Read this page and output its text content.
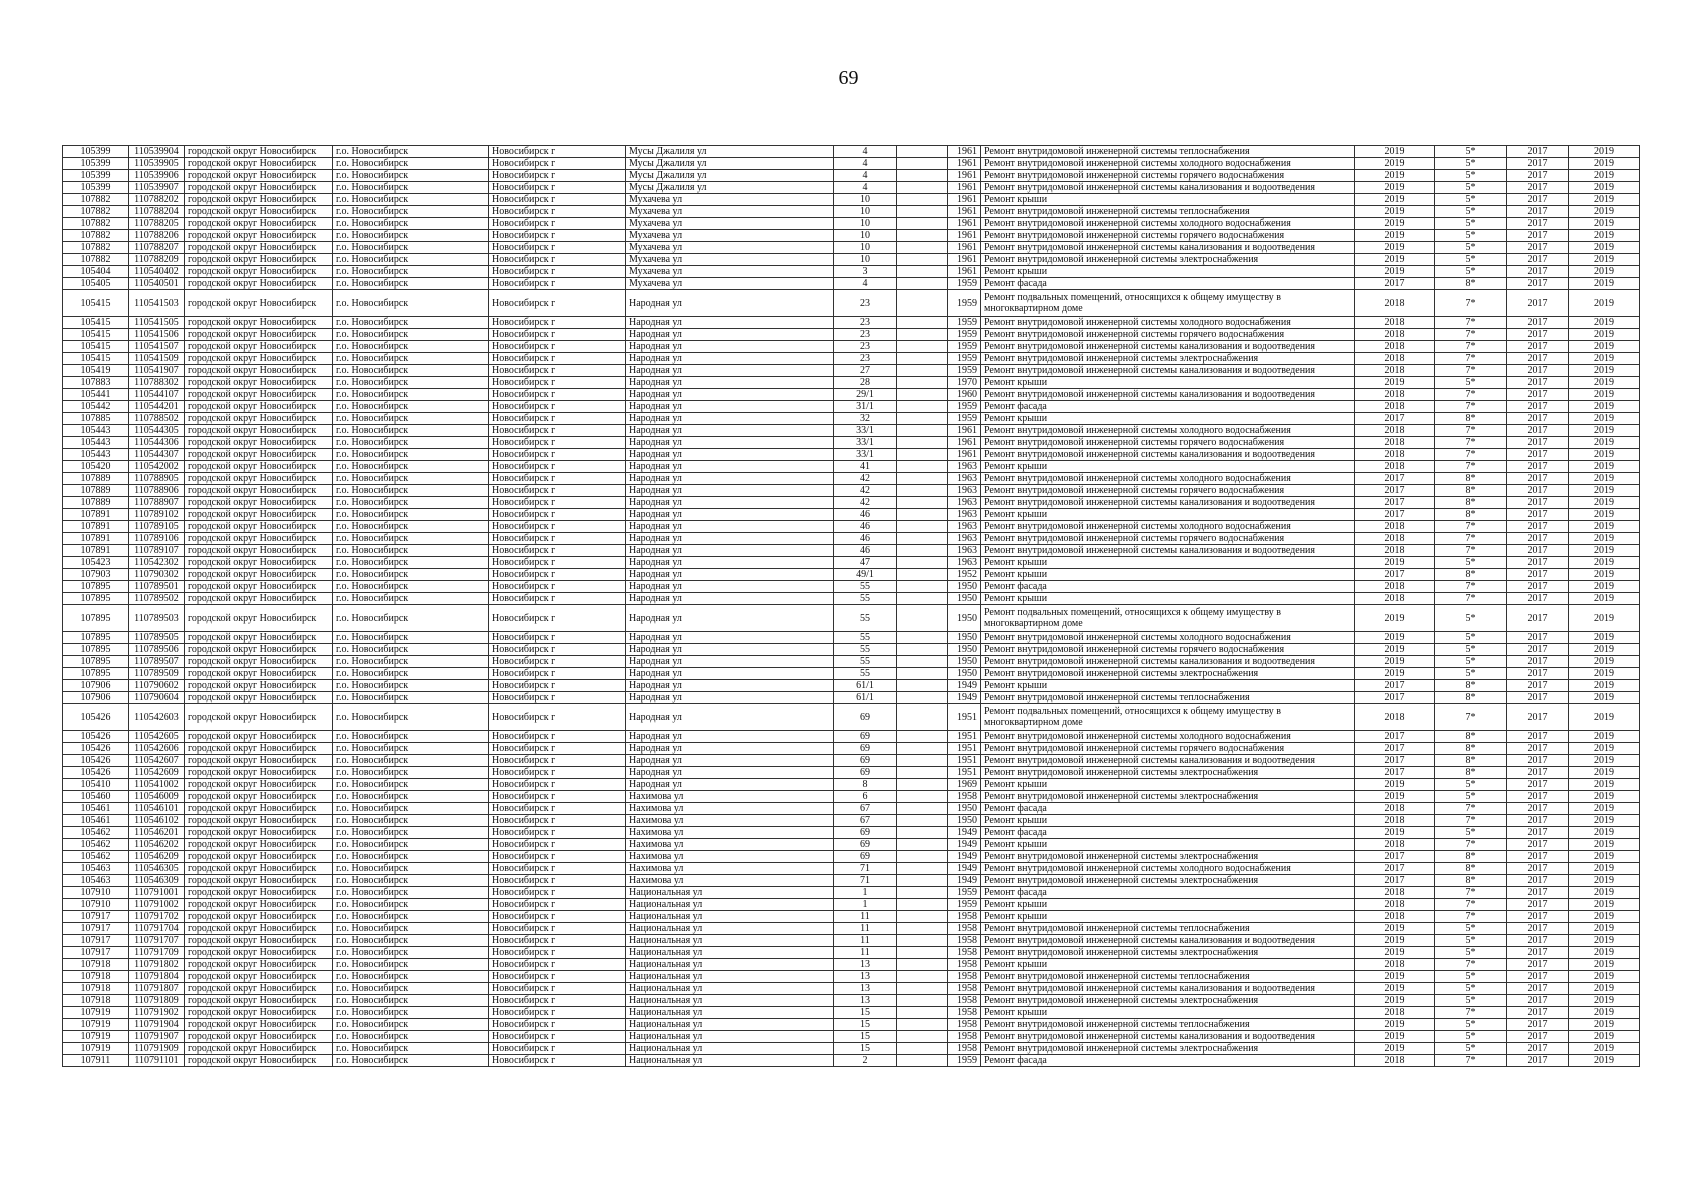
69
105399	110539904	городской округ Новосибирск	г.о. Новосибирск	Новосибирск г	Мусы Джалиля ул	4		1961	Ремонт внутридомовой инженерной системы теплоснабжения	2019	5*	2017	2019
105399	110539905	городской округ Новосибирск	г.о. Новосибирск	Новосибирск г	Мусы Джалиля ул	4		1961	Ремонт внутридомовой инженерной системы холодного водоснабжения	2019	5*	2017	2019
105399	110539906	городской округ Новосибирск	г.о. Новосибирск	Новосибирск г	Мусы Джалиля ул	4		1961	Ремонт внутридомовой инженерной системы горячего водоснабжения	2019	5*	2017	2019
105399	110539907	городской округ Новосибирск	г.о. Новосибирск	Новосибирск г	Мусы Джалиля ул	4		1961	Ремонт внутридомовой инженерной системы канализования и водоотведения	2019	5*	2017	2019
107882	110788202	городской округ Новосибирск	г.о. Новосибирск	Новосибирск г	Мухачева ул	10		1961	Ремонт крыши	2019	5*	2017	2019
107882	110788204	городской округ Новосибирск	г.о. Новосибирск	Новосибирск г	Мухачева ул	10		1961	Ремонт внутридомовой инженерной системы теплоснабжения	2019	5*	2017	2019
107882	110788205	городской округ Новосибирск	г.о. Новосибирск	Новосибирск г	Мухачева ул	10		1961	Ремонт внутридомовой инженерной системы холодного водоснабжения	2019	5*	2017	2019
107882	110788206	городской округ Новосибирск	г.о. Новосибирск	Новосибирск г	Мухачева ул	10		1961	Ремонт внутридомовой инженерной системы горячего водоснабжения	2019	5*	2017	2019
107882	110788207	городской округ Новосибирск	г.о. Новосибирск	Новосибирск г	Мухачева ул	10		1961	Ремонт внутридомовой инженерной системы канализования и водоотведения	2019	5*	2017	2019
107882	110788209	городской округ Новосибирск	г.о. Новосибирск	Новосибирск г	Мухачева ул	10		1961	Ремонт внутридомовой инженерной системы электроснабжения	2019	5*	2017	2019
105404	110540402	городской округ Новосибирск	г.о. Новосибирск	Новосибирск г	Мухачева ул	3		1961	Ремонт крыши	2019	5*	2017	2019
105405	110540501	городской округ Новосибирск	г.о. Новосибирск	Новосибирск г	Мухачева ул	4		1959	Ремонт фасада	2017	8*	2017	2019
105415	110541503	городской округ Новосибирск	г.о. Новосибирск	Новосибирск г	Народная ул	23		1959	Ремонт подвальных помещений, относящихся к общему имуществу в многоквартирном доме	2018	7*	2017	2019
105415	110541505	городской округ Новосибирск	г.о. Новосибирск	Новосибирск г	Народная ул	23		1959	Ремонт внутридомовой инженерной системы холодного водоснабжения	2018	7*	2017	2019
105415	110541506	городской округ Новосибирск	г.о. Новосибирск	Новосибирск г	Народная ул	23		1959	Ремонт внутридомовой инженерной системы горячего водоснабжения	2018	7*	2017	2019
105415	110541507	городской округ Новосибирск	г.о. Новосибирск	Новосибирск г	Народная ул	23		1959	Ремонт внутридомовой инженерной системы канализования и водоотведения	2018	7*	2017	2019
105415	110541509	городской округ Новосибирск	г.о. Новосибирск	Новосибирск г	Народная ул	23		1959	Ремонт внутридомовой инженерной системы электроснабжения	2018	7*	2017	2019
105419	110541907	городской округ Новосибирск	г.о. Новосибирск	Новосибирск г	Народная ул	27		1959	Ремонт внутридомовой инженерной системы канализования и водоотведения	2018	7*	2017	2019
107883	110788302	городской округ Новосибирск	г.о. Новосибирск	Новосибирск г	Народная ул	28		1970	Ремонт крыши	2019	5*	2017	2019
105441	110544107	городской округ Новосибирск	г.о. Новосибирск	Новосибирск г	Народная ул	29/1		1960	Ремонт внутридомовой инженерной системы канализования и водоотведения	2018	7*	2017	2019
105442	110544201	городской округ Новосибирск	г.о. Новосибирск	Новосибирск г	Народная ул	31/1		1959	Ремонт фасада	2018	7*	2017	2019
107885	110788502	городской округ Новосибирск	г.о. Новосибирск	Новосибирск г	Народная ул	32		1959	Ремонт крыши	2017	8*	2017	2019
105443	110544305	городской округ Новосибирск	г.о. Новосибирск	Новосибирск г	Народная ул	33/1		1961	Ремонт внутридомовой инженерной системы холодного водоснабжения	2018	7*	2017	2019
105443	110544306	городской округ Новосибирск	г.о. Новосибирск	Новосибирск г	Народная ул	33/1		1961	Ремонт внутридомовой инженерной системы горячего водоснабжения	2018	7*	2017	2019
105443	110544307	городской округ Новосибирск	г.о. Новосибирск	Новосибирск г	Народная ул	33/1		1961	Ремонт внутридомовой инженерной системы канализования и водоотведения	2018	7*	2017	2019
105420	110542002	городской округ Новосибирск	г.о. Новосибирск	Новосибирск г	Народная ул	41		1963	Ремонт крыши	2018	7*	2017	2019
107889	110788905	городской округ Новосибирск	г.о. Новосибирск	Новосибирск г	Народная ул	42		1963	Ремонт внутридомовой инженерной системы холодного водоснабжения	2017	8*	2017	2019
107889	110788906	городской округ Новосибирск	г.о. Новосибирск	Новосибирск г	Народная ул	42		1963	Ремонт внутридомовой инженерной системы горячего водоснабжения	2017	8*	2017	2019
107889	110788907	городской округ Новосибирск	г.о. Новосибирск	Новосибирск г	Народная ул	42		1963	Ремонт внутридомовой инженерной системы канализования и водоотведения	2017	8*	2017	2019
107891	110789102	городской округ Новосибирск	г.о. Новосибирск	Новосибирск г	Народная ул	46		1963	Ремонт крыши	2017	8*	2017	2019
107891	110789105	городской округ Новосибирск	г.о. Новосибирск	Новосибирск г	Народная ул	46		1963	Ремонт внутридомовой инженерной системы холодного водоснабжения	2018	7*	2017	2019
107891	110789106	городской округ Новосибирск	г.о. Новосибирск	Новосибирск г	Народная ул	46		1963	Ремонт внутридомовой инженерной системы горячего водоснабжения	2018	7*	2017	2019
107891	110789107	городской округ Новосибирск	г.о. Новосибирск	Новосибирск г	Народная ул	46		1963	Ремонт внутридомовой инженерной системы канализования и водоотведения	2018	7*	2017	2019
105423	110542302	городской округ Новосибирск	г.о. Новосибирск	Новосибирск г	Народная ул	47		1963	Ремонт крыши	2019	5*	2017	2019
107903	110790302	городской округ Новосибирск	г.о. Новосибирск	Новосибирск г	Народная ул	49/1		1952	Ремонт крыши	2017	8*	2017	2019
107895	110789501	городской округ Новосибирск	г.о. Новосибирск	Новосибирск г	Народная ул	55		1950	Ремонт фасада	2018	7*	2017	2019
107895	110789502	городской округ Новосибирск	г.о. Новосибирск	Новосибирск г	Народная ул	55		1950	Ремонт крыши	2018	7*	2017	2019
107895	110789503	городской округ Новосибирск	г.о. Новосибирск	Новосибирск г	Народная ул	55		1950	Ремонт подвальных помещений, относящихся к общему имуществу в многоквартирном доме	2019	5*	2017	2019
107895	110789505	городской округ Новосибирск	г.о. Новосибирск	Новосибирск г	Народная ул	55		1950	Ремонт внутридомовой инженерной системы холодного водоснабжения	2019	5*	2017	2019
107895	110789506	городской округ Новосибирск	г.о. Новосибирск	Новосибирск г	Народная ул	55		1950	Ремонт внутридомовой инженерной системы горячего водоснабжения	2019	5*	2017	2019
107895	110789507	городской округ Новосибирск	г.о. Новосибирск	Новосибирск г	Народная ул	55		1950	Ремонт внутридомовой инженерной системы канализования и водоотведения	2019	5*	2017	2019
107895	110789509	городской округ Новосибирск	г.о. Новосибирск	Новосибирск г	Народная ул	55		1950	Ремонт внутридомовой инженерной системы электроснабжения	2019	5*	2017	2019
107906	110790602	городской округ Новосибирск	г.о. Новосибирск	Новосибирск г	Народная ул	61/1		1949	Ремонт крыши	2017	8*	2017	2019
107906	110790604	городской округ Новосибирск	г.о. Новосибирск	Новосибирск г	Народная ул	61/1		1949	Ремонт внутридомовой инженерной системы теплоснабжения	2017	8*	2017	2019
105426	110542603	городской округ Новосибирск	г.о. Новосибирск	Новосибирск г	Народная ул	69		1951	Ремонт подвальных помещений, относящихся к общему имуществу в многоквартирном доме	2018	7*	2017	2019
105426	110542605	городской округ Новосибирск	г.о. Новосибирск	Новосибирск г	Народная ул	69		1951	Ремонт внутридомовой инженерной системы холодного водоснабжения	2017	8*	2017	2019
105426	110542606	городской округ Новосибирск	г.о. Новосибирск	Новосибирск г	Народная ул	69		1951	Ремонт внутридомовой инженерной системы горячего водоснабжения	2017	8*	2017	2019
105426	110542607	городской округ Новосибирск	г.о. Новосибирск	Новосибирск г	Народная ул	69		1951	Ремонт внутридомовой инженерной системы канализования и водоотведения	2017	8*	2017	2019
105426	110542609	городской округ Новосибирск	г.о. Новосибирск	Новосибирск г	Народная ул	69		1951	Ремонт внутридомовой инженерной системы электроснабжения	2017	8*	2017	2019
105410	110541002	городской округ Новосибирск	г.о. Новосибирск	Новосибирск г	Народная ул	8		1969	Ремонт крыши	2019	5*	2017	2019
105460	110546009	городской округ Новосибирск	г.о. Новосибирск	Новосибирск г	Нахимова ул	6		1958	Ремонт внутридомовой инженерной системы электроснабжения	2019	5*	2017	2019
105461	110546101	городской округ Новосибирск	г.о. Новосибирск	Новосибирск г	Нахимова ул	67		1950	Ремонт фасада	2018	7*	2017	2019
105461	110546102	городской округ Новосибирск	г.о. Новосибирск	Новосибирск г	Нахимова ул	67		1950	Ремонт крыши	2018	7*	2017	2019
105462	110546201	городской округ Новосибирск	г.о. Новосибирск	Новосибирск г	Нахимова ул	69		1949	Ремонт фасада	2019	5*	2017	2019
105462	110546202	городской округ Новосибирск	г.о. Новосибирск	Новосибирск г	Нахимова ул	69		1949	Ремонт крыши	2018	7*	2017	2019
105462	110546209	городской округ Новосибирск	г.о. Новосибирск	Новосибирск г	Нахимова ул	69		1949	Ремонт внутридомовой инженерной системы электроснабжения	2017	8*	2017	2019
105463	110546305	городской округ Новосибирск	г.о. Новосибирск	Новосибирск г	Нахимова ул	71		1949	Ремонт внутридомовой инженерной системы холодного водоснабжения	2017	8*	2017	2019
105463	110546309	городской округ Новосибирск	г.о. Новосибирск	Новосибирск г	Нахимова ул	71		1949	Ремонт внутридомовой инженерной системы электроснабжения	2017	8*	2017	2019
107910	110791001	городской округ Новосибирск	г.о. Новосибирск	Новосибирск г	Национальная ул	1		1959	Ремонт фасада	2018	7*	2017	2019
107910	110791002	городской округ Новосибирск	г.о. Новосибирск	Новосибирск г	Национальная ул	1		1959	Ремонт крыши	2018	7*	2017	2019
107917	110791702	городской округ Новосибирск	г.о. Новосибирск	Новосибирск г	Национальная ул	11		1958	Ремонт крыши	2018	7*	2017	2019
107917	110791704	городской округ Новосибирск	г.о. Новосибирск	Новосибирск г	Национальная ул	11		1958	Ремонт внутридомовой инженерной системы теплоснабжения	2019	5*	2017	2019
107917	110791707	городской округ Новосибирск	г.о. Новосибирск	Новосибирск г	Национальная ул	11		1958	Ремонт внутридомовой инженерной системы канализования и водоотведения	2019	5*	2017	2019
107917	110791709	городской округ Новосибирск	г.о. Новосибирск	Новосибирск г	Национальная ул	11		1958	Ремонт внутридомовой инженерной системы электроснабжения	2019	5*	2017	2019
107918	110791802	городской округ Новосибирск	г.о. Новосибирск	Новосибирск г	Национальная ул	13		1958	Ремонт крыши	2018	7*	2017	2019
107918	110791804	городской округ Новосибирск	г.о. Новосибирск	Новосибирск г	Национальная ул	13		1958	Ремонт внутридомовой инженерной системы теплоснабжения	2019	5*	2017	2019
107918	110791807	городской округ Новосибирск	г.о. Новосибирск	Новосибирск г	Национальная ул	13		1958	Ремонт внутридомовой инженерной системы канализования и водоотведения	2019	5*	2017	2019
107918	110791809	городской округ Новосибирск	г.о. Новосибирск	Новосибирск г	Национальная ул	13		1958	Ремонт внутридомовой инженерной системы электроснабжения	2019	5*	2017	2019
107919	110791902	городской округ Новосибирск	г.о. Новосибирск	Новосибирск г	Национальная ул	15		1958	Ремонт крыши	2018	7*	2017	2019
107919	110791904	городской округ Новосибирск	г.о. Новосибирск	Новосибирск г	Национальная ул	15		1958	Ремонт внутридомовой инженерной системы теплоснабжения	2019	5*	2017	2019
107919	110791907	городской округ Новосибирск	г.о. Новосибирск	Новосибирск г	Национальная ул	15		1958	Ремонт внутридомовой инженерной системы канализования и водоотведения	2019	5*	2017	2019
107919	110791909	городской округ Новосибирск	г.о. Новосибирск	Новосибирск г	Национальная ул	15		1958	Ремонт внутридомовой инженерной системы электроснабжения	2019	5*	2017	2019
107911	110791101	городской округ Новосибирск	г.о. Новосибирск	Новосибирск г	Национальная ул	2		1959	Ремонт фасада	2018	7*	2017	2019
